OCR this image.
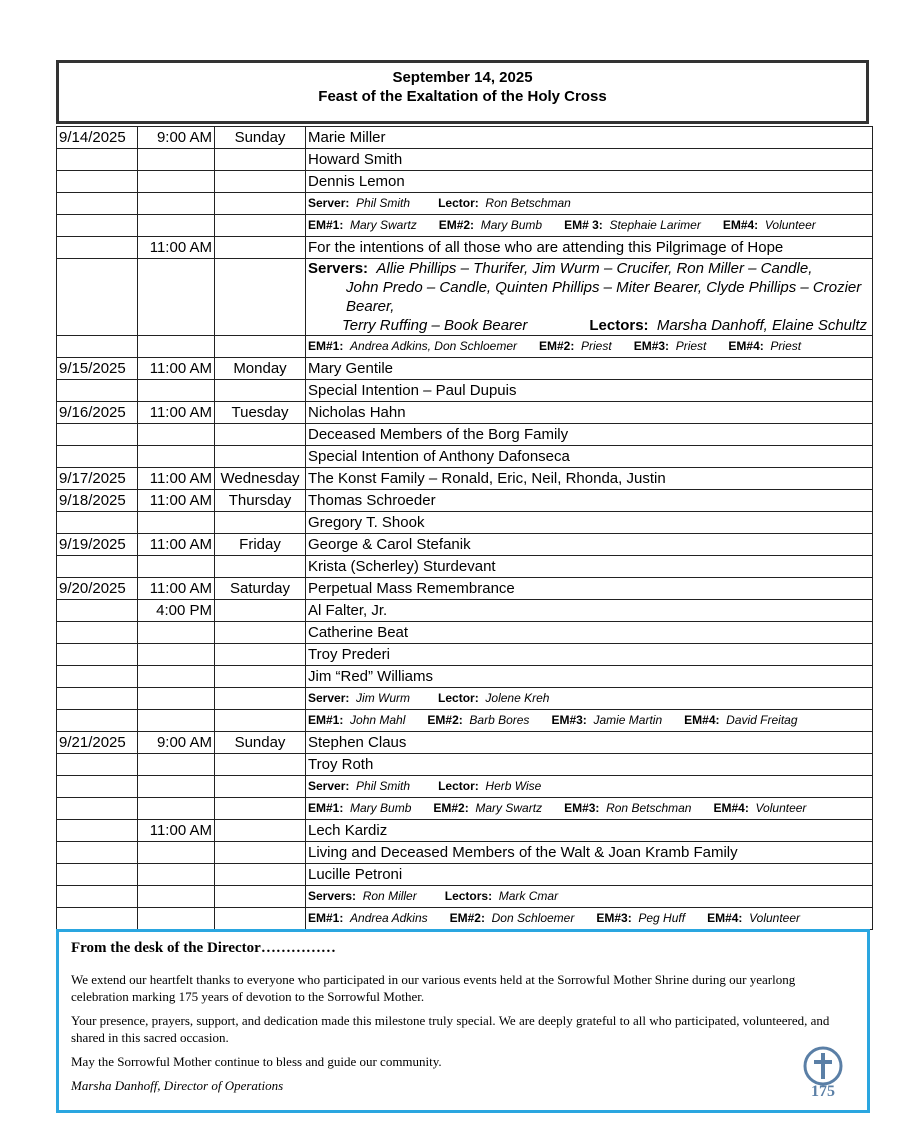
September 14, 2025
Feast of the Exaltation of the Holy Cross
9/14/2025	9:00 AM	Sunday	Marie Miller
			Howard Smith
			Dennis Lemon
			Server: Phil Smith Lector: Ron Betschman
			EM#1: Mary Swartz EM#2: Mary Bumb EM# 3: Stephaie Larimer EM#4: Volunteer
	11:00 AM		For the intentions of all those who are attending this Pilgrimage of Hope

			Servers: Allie Phillips – Thurifer, Jim Wurm – Crucifer, Ron Miller – Candle,
John Predo – Candle, Quinten Phillips – Miter Bearer, Clyde Phillips – Crozier Bearer,
Terry Ruffing – Book Bearer Lectors: Marsha Danhoff, Elaine Schultz

			EM#1: Andrea Adkins, Don Schloemer EM#2: Priest EM#3: Priest EM#4: Priest
9/15/2025	11:00 AM	Monday	Mary Gentile
			Special Intention – Paul Dupuis
9/16/2025	11:00 AM	Tuesday	Nicholas Hahn
			Deceased Members of the Borg Family
			Special Intention of Anthony Dafonseca
9/17/2025	11:00 AM	Wednesday	The Konst Family – Ronald, Eric, Neil, Rhonda, Justin
9/18/2025	11:00 AM	Thursday	Thomas Schroeder
			Gregory T. Shook
9/19/2025	11:00 AM	Friday	George & Carol Stefanik
			Krista (Scherley) Sturdevant
9/20/2025	11:00 AM	Saturday	Perpetual Mass Remembrance
	4:00 PM		Al Falter, Jr.
			Catherine Beat
			Troy Prederi
			Jim “Red” Williams
			Server: Jim Wurm Lector: Jolene Kreh
			EM#1: John Mahl EM#2: Barb Bores EM#3: Jamie Martin EM#4: David Freitag
9/21/2025	9:00 AM	Sunday	Stephen Claus
			Troy Roth
			Server: Phil Smith Lector: Herb Wise
			EM#1: Mary Bumb EM#2: Mary Swartz EM#3: Ron Betschman EM#4: Volunteer
	11:00 AM		Lech Kardiz
			Living and Deceased Members of the Walt & Joan Kramb Family
			Lucille Petroni
			Servers: Ron Miller Lectors: Mark Cmar
			EM#1: Andrea Adkins EM#2: Don Schloemer EM#3: Peg Huff EM#4: Volunteer
From the desk of the Director……………

We extend our heartfelt thanks to everyone who participated in our various events held at the Sorrowful Mother Shrine during our yearlong celebration marking 175 years of devotion to the Sorrowful Mother.

Your presence, prayers, support, and dedication made this milestone truly special. We are deeply grateful to all who participated, volunteered, and shared in this sacred occasion.

May the Sorrowful Mother continue to bless and guide our community.

Marsha Danhoff, Director of Operations	175
